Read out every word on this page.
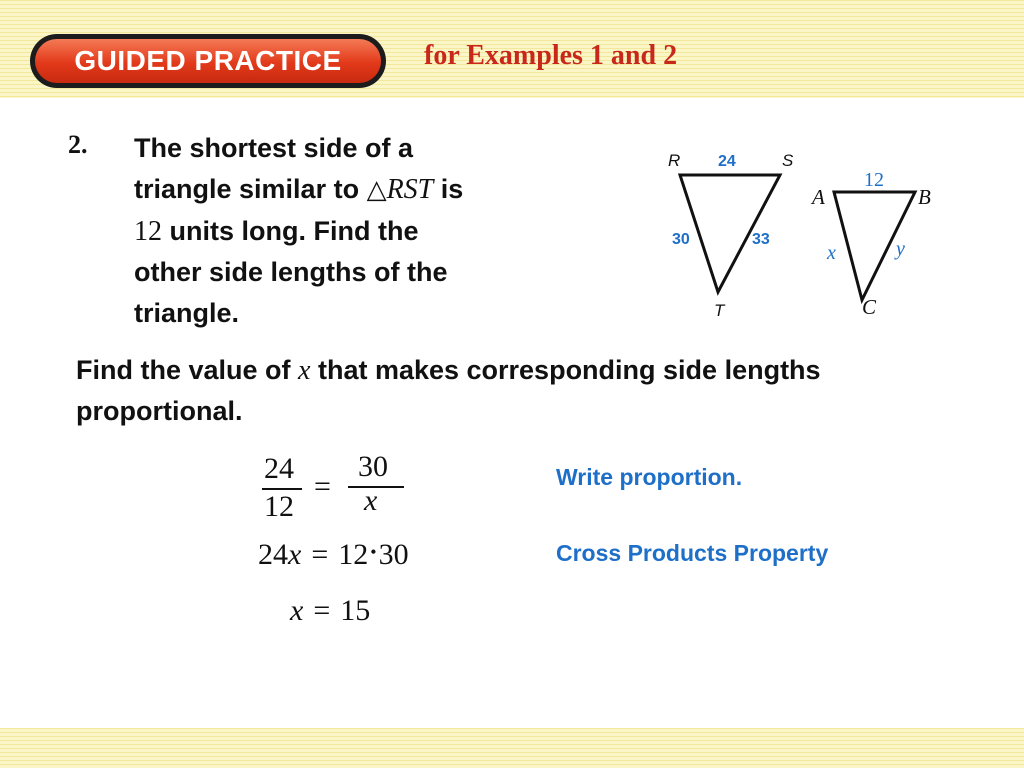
GUIDED PRACTICE	for Examples 1 and 2
2. The shortest side of a
triangle similar to △RST is
12 units long. Find the
other side lengths of the
triangle.
R	S
T
24
30	33
12
A	B
C
x	y
Find the value of x that makes corresponding side lengths proportional.
24
12
=
30
x
Write proportion.
24x = 12 •30	Cross Products Property
x = 15
